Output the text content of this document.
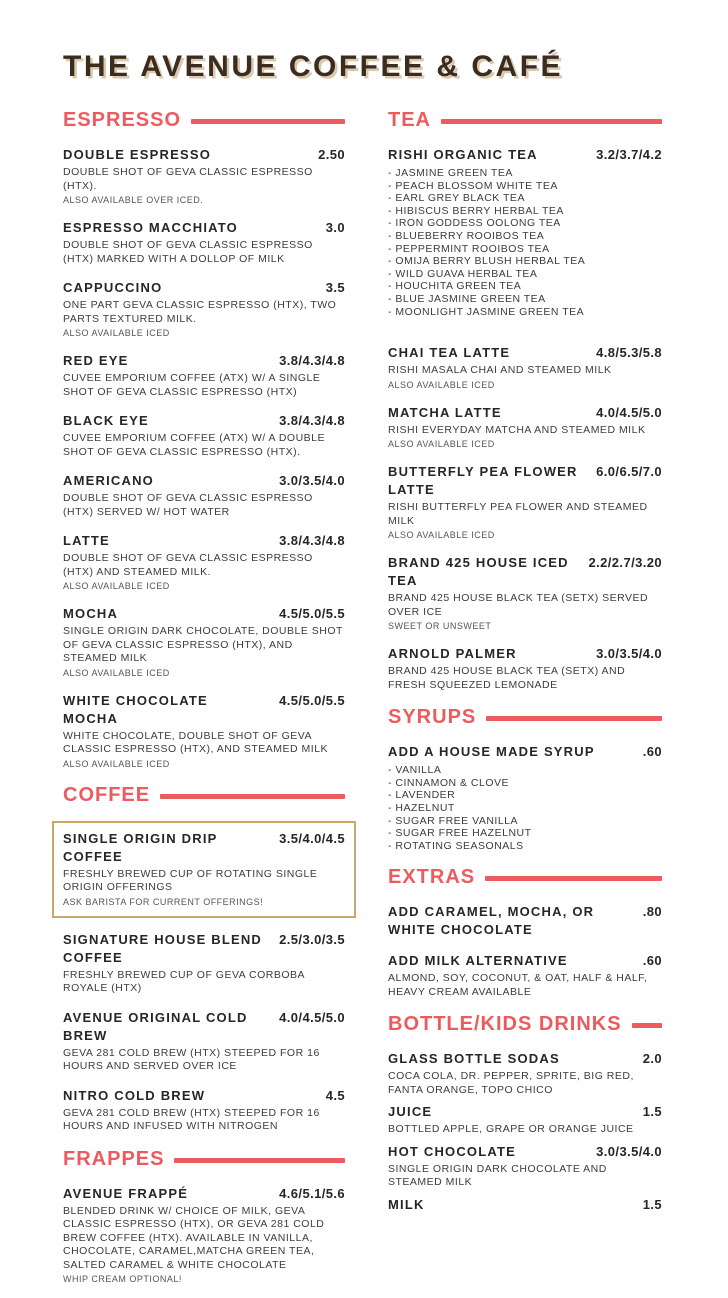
THE AVENUE COFFEE & CAFÉ
ESPRESSO
DOUBLE ESPRESSO	2.50
DOUBLE SHOT OF GEVA CLASSIC ESPRESSO (HTX).
ALSO AVAILABLE OVER ICED.
ESPRESSO MACCHIATO	3.0
DOUBLE SHOT OF GEVA CLASSIC ESPRESSO (HTX) MARKED WITH A DOLLOP OF MILK
CAPPUCCINO	3.5
ONE PART GEVA CLASSIC ESPRESSO (HTX), TWO PARTS TEXTURED MILK.
ALSO AVAILABLE ICED
RED EYE	3.8/4.3/4.8
CUVEE EMPORIUM COFFEE (ATX) W/ A SINGLE SHOT OF GEVA CLASSIC ESPRESSO (HTX)
BLACK EYE	3.8/4.3/4.8
CUVEE EMPORIUM COFFEE (ATX) W/ A DOUBLE SHOT OF GEVA CLASSIC ESPRESSO (HTX).
AMERICANO	3.0/3.5/4.0
DOUBLE SHOT OF GEVA CLASSIC ESPRESSO (HTX) SERVED W/ HOT WATER
LATTE	3.8/4.3/4.8
DOUBLE SHOT OF GEVA CLASSIC ESPRESSO (HTX) AND STEAMED MILK.
ALSO AVAILABLE ICED
MOCHA	4.5/5.0/5.5
SINGLE ORIGIN DARK CHOCOLATE, DOUBLE SHOT OF GEVA CLASSIC ESPRESSO (HTX), AND STEAMED MILK
ALSO AVAILABLE ICED
WHITE CHOCOLATE MOCHA
4.5/5.0/5.5
WHITE CHOCOLATE, DOUBLE SHOT OF GEVA CLASSIC ESPRESSO (HTX), AND STEAMED MILK
ALSO AVAILABLE ICED
COFFEE
SINGLE ORIGIN DRIP COFFEE
3.5/4.0/4.5
FRESHLY BREWED CUP OF ROTATING SINGLE ORIGIN OFFERINGS
ASK BARISTA FOR CURRENT OFFERINGS!
SIGNATURE HOUSE BLEND COFFEE
2.5/3.0/3.5
FRESHLY BREWED CUP OF GEVA CORBOBA ROYALE (HTX)
AVENUE ORIGINAL COLD BREW
4.0/4.5/5.0
GEVA 281 COLD BREW (HTX) STEEPED FOR 16 HOURS AND SERVED OVER ICE
NITRO COLD BREW	4.5
GEVA 281 COLD BREW (HTX) STEEPED FOR 16 HOURS AND INFUSED WITH NITROGEN
FRAPPES
AVENUE FRAPPÉ	4.6/5.1/5.6
BLENDED DRINK W/ CHOICE OF MILK, GEVA CLASSIC ESPRESSO (HTX), OR GEVA 281 COLD BREW COFFEE (HTX). AVAILABLE IN VANILLA, CHOCOLATE, CARAMEL,MATCHA GREEN TEA, SALTED CARAMEL & WHITE CHOCOLATE
WHIP CREAM OPTIONAL!
TEA
RISHI ORGANIC TEA	3.2/3.7/4.2
- JASMINE GREEN TEA
- PEACH BLOSSOM WHITE TEA
- EARL GREY BLACK TEA
- HIBISCUS BERRY HERBAL TEA
- IRON GODDESS OOLONG TEA
- BLUEBERRY ROOIBOS TEA
- PEPPERMINT ROOIBOS TEA
- OMIJA BERRY BLUSH HERBAL TEA
- WILD GUAVA HERBAL TEA
- HOUCHITA GREEN TEA
- BLUE JASMINE GREEN TEA
- MOONLIGHT JASMINE GREEN TEA
CHAI TEA LATTE	4.8/5.3/5.8
RISHI MASALA CHAI AND STEAMED MILK
ALSO AVAILABLE ICED
MATCHA LATTE	4.0/4.5/5.0
RISHI EVERYDAY MATCHA AND STEAMED MILK
ALSO AVAILABLE ICED
BUTTERFLY PEA FLOWER LATTE
6.0/6.5/7.0
RISHI BUTTERFLY PEA FLOWER AND STEAMED MILK
ALSO AVAILABLE ICED
BRAND 425 HOUSE ICED TEA
2.2/2.7/3.20
BRAND 425 HOUSE BLACK TEA (SETX) SERVED OVER ICE
SWEET OR UNSWEET
ARNOLD PALMER	3.0/3.5/4.0
BRAND 425 HOUSE BLACK TEA (SETX) AND FRESH SQUEEZED LEMONADE
SYRUPS
ADD A HOUSE MADE SYRUP	.60
- VANILLA
- CINNAMON & CLOVE
- LAVENDER
- HAZELNUT
- SUGAR FREE VANILLA
- SUGAR FREE HAZELNUT
- ROTATING SEASONALS
EXTRAS
ADD CARAMEL, MOCHA, OR WHITE CHOCOLATE
.80
ADD MILK ALTERNATIVE	.60
ALMOND, SOY, COCONUT, & OAT, HALF & HALF, HEAVY CREAM AVAILABLE
BOTTLE/KIDS DRINKS
GLASS BOTTLE SODAS	2.0
COCA COLA, DR. PEPPER, SPRITE, BIG RED, FANTA ORANGE, TOPO CHICO
JUICE	1.5
BOTTLED APPLE, GRAPE OR ORANGE JUICE
HOT CHOCOLATE	3.0/3.5/4.0
SINGLE ORIGIN DARK CHOCOLATE AND STEAMED MILK
MILK	1.5
